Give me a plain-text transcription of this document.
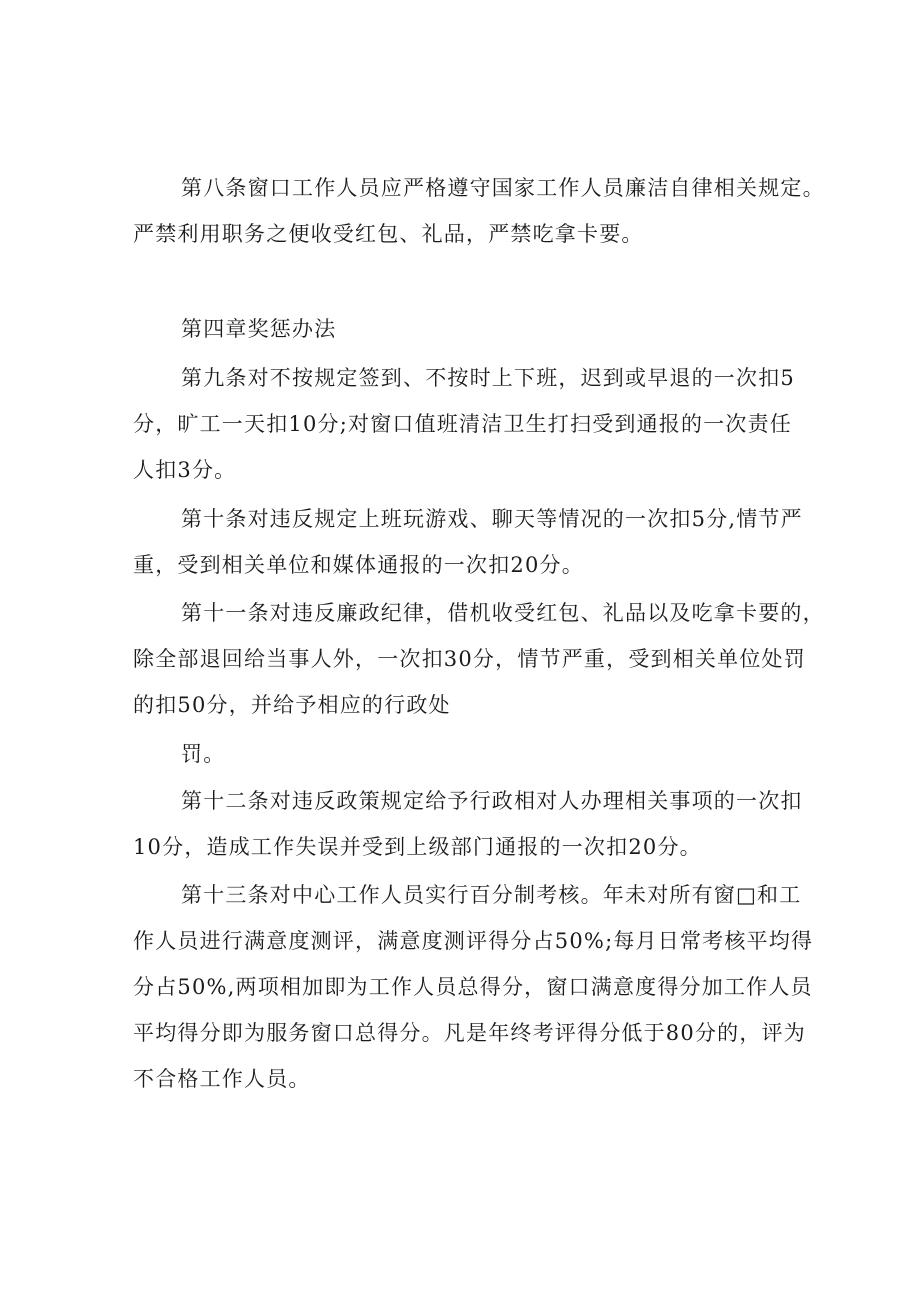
第八条窗口工作人员应严格遵守国家工作人员廉洁自律相关规定。
严禁利用职务之便收受红包、礼品，严禁吃拿卡要。
第四章奖惩办法
第九条对不按规定签到、不按时上下班，迟到或早退的一次扣5
分，旷工一天扣10分;对窗口值班清洁卫生打扫受到通报的一次责任
人扣3分。
第十条对违反规定上班玩游戏、聊天等情况的一次扣5分,情节严
重，受到相关单位和媒体通报的一次扣20分。
第十一条对违反廉政纪律，借机收受红包、礼品以及吃拿卡要的，
除全部退回给当事人外，一次扣30分，情节严重，受到相关单位处罚
的扣50分，并给予相应的行政处
罚。
第十二条对违反政策规定给予行政相对人办理相关事项的一次扣
10分，造成工作失误并受到上级部门通报的一次扣20分。
第十三条对中心工作人员实行百分制考核。年未对所有窗□和工
作人员进行满意度测评，满意度测评得分占50%;每月日常考核平均得
分占50%,两项相加即为工作人员总得分，窗口满意度得分加工作人员
平均得分即为服务窗口总得分。凡是年终考评得分低于80分的，评为
不合格工作人员。
